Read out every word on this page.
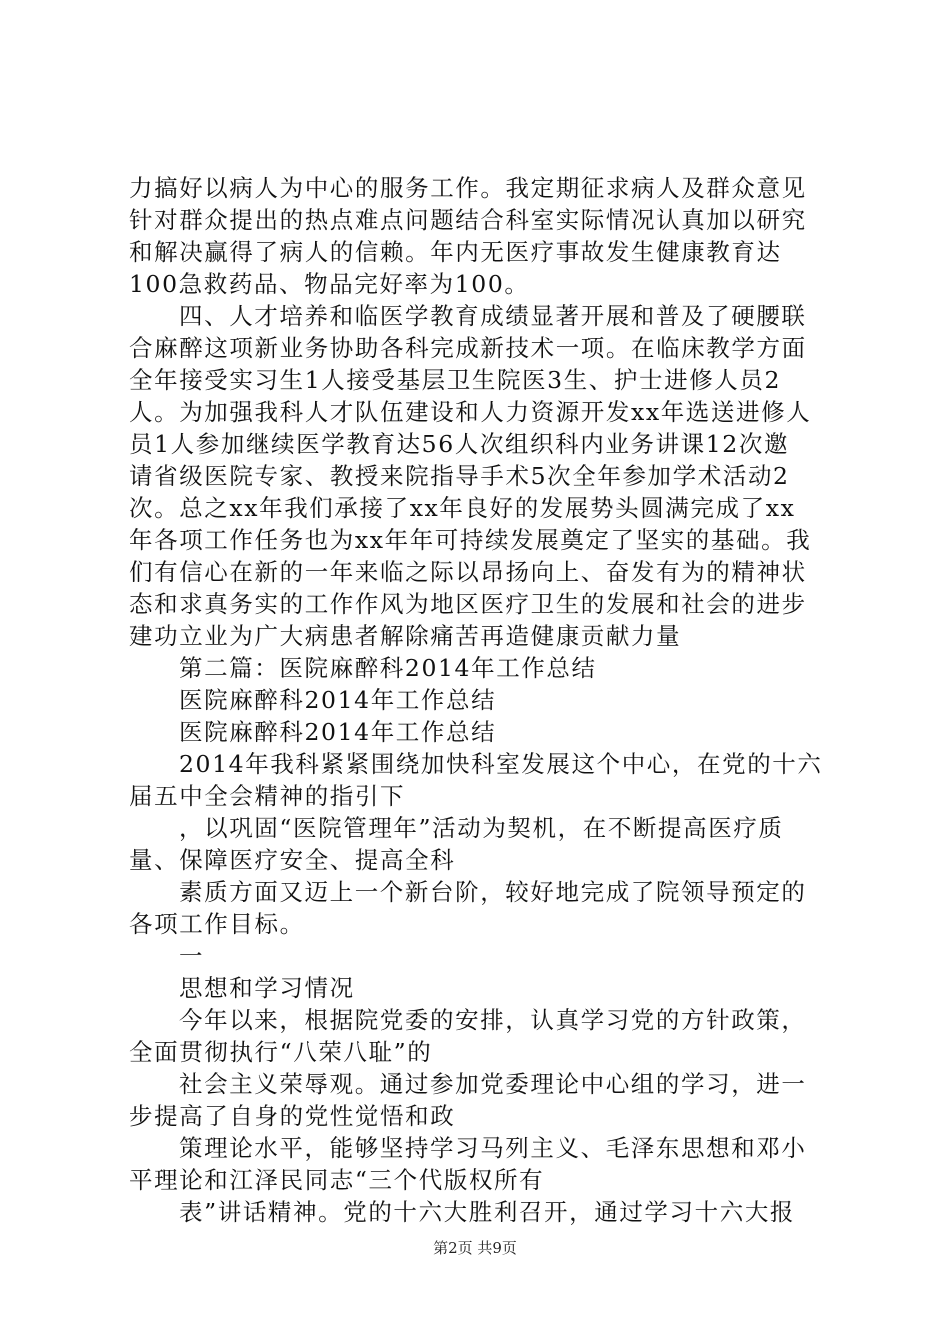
力搞好以病人为中心的服务工作。我定期征求病人及群众意见
针对群众提出的热点难点问题结合科室实际情况认真加以研究
和解决赢得了病人的信赖。年内无医疗事故发生健康教育达
100急救药品、物品完好率为100。
四、人才培养和临医学教育成绩显著开展和普及了硬腰联
合麻醉这项新业务协助各科完成新技术一项。在临床教学方面
全年接受实习生1人接受基层卫生院医3生、护士进修人员2
人。为加强我科人才队伍建设和人力资源开发xx年选送进修人
员1人参加继续医学教育达56人次组织科内业务讲课12次邀
请省级医院专家、教授来院指导手术5次全年参加学术活动2
次。总之xx年我们承接了xx年良好的发展势头圆满完成了xx
年各项工作任务也为xx年年可持续发展奠定了坚实的基础。我
们有信心在新的一年来临之际以昂扬向上、奋发有为的精神状
态和求真务实的工作作风为地区医疗卫生的发展和社会的进步
建功立业为广大病患者解除痛苦再造健康贡献力量
第二篇：医院麻醉科2014年工作总结
医院麻醉科2014年工作总结
医院麻醉科2014年工作总结
2014年我科紧紧围绕加快科室发展这个中心，在党的十六
届五中全会精神的指引下
，以巩固“医院管理年”活动为契机，在不断提高医疗质
量、保障医疗安全、提高全科
素质方面又迈上一个新台阶，较好地完成了院领导预定的
各项工作目标。
一
思想和学习情况
今年以来，根据院党委的安排，认真学习党的方针政策，
全面贯彻执行“八荣八耻”的
社会主义荣辱观。通过参加党委理论中心组的学习，进一
步提高了自身的党性觉悟和政
策理论水平，能够坚持学习马列主义、毛泽东思想和邓小
平理论和江泽民同志“三个代版权所有
表”讲话精神。党的十六大胜利召开，通过学习十六大报
第2页 共9页
